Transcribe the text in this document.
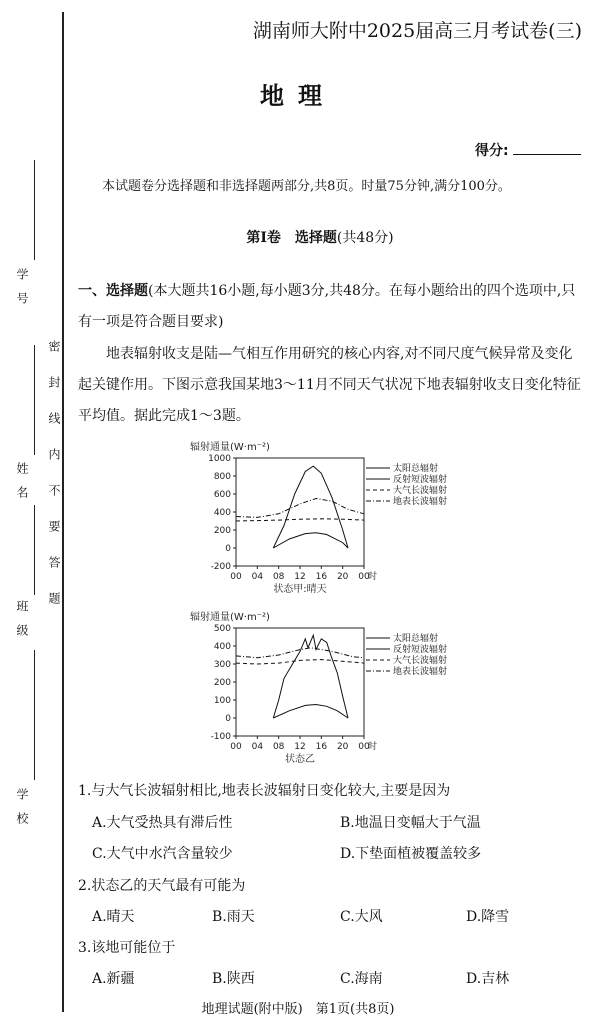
学　号
姓　名
班　级
学　校
密　封　线　内　不　要　答　题
湖南师大附中2025届高三月考试卷(三)
地理
得分:
本试题卷分选择题和非选择题两部分,共8页。时量75分钟,满分100分。
第Ⅰ卷　选择题(共48分)
一、选择题(本大题共16小题,每小题3分,共48分。在每小题给出的四个选项中,只有一项是符合题目要求)
地表辐射收支是陆—气相互作用研究的核心内容,对不同尺度气候异常及变化起关键作用。下图示意我国某地3～11月不同天气状况下地表辐射收支日变化特征平均值。据此完成1～3题。
辐射通量(W·m⁻²)
1000
800
600
400
200
0
-200
00 04 08 12 16 20 00
时
状态甲:晴天
太阳总辐射
反射短波辐射
大气长波辐射
地表长波辐射
辐射通量(W·m⁻²)
500
400
300
200
100
0
-100
00 04 08 12 16 20 00
时
状态乙
太阳总辐射
反射短波辐射
大气长波辐射
地表长波辐射
1.与大气长波辐射相比,地表长波辐射日变化较大,主要是因为
A.大气受热具有滞后性	B.地温日变幅大于气温
C.大气中水汽含量较少	D.下垫面植被覆盖较多
2.状态乙的天气最有可能为
A.晴天	B.雨天	C.大风	D.降雪
3.该地可能位于
A.新疆	B.陕西	C.海南	D.吉林
地理试题(附中版)　第1页(共8页)
